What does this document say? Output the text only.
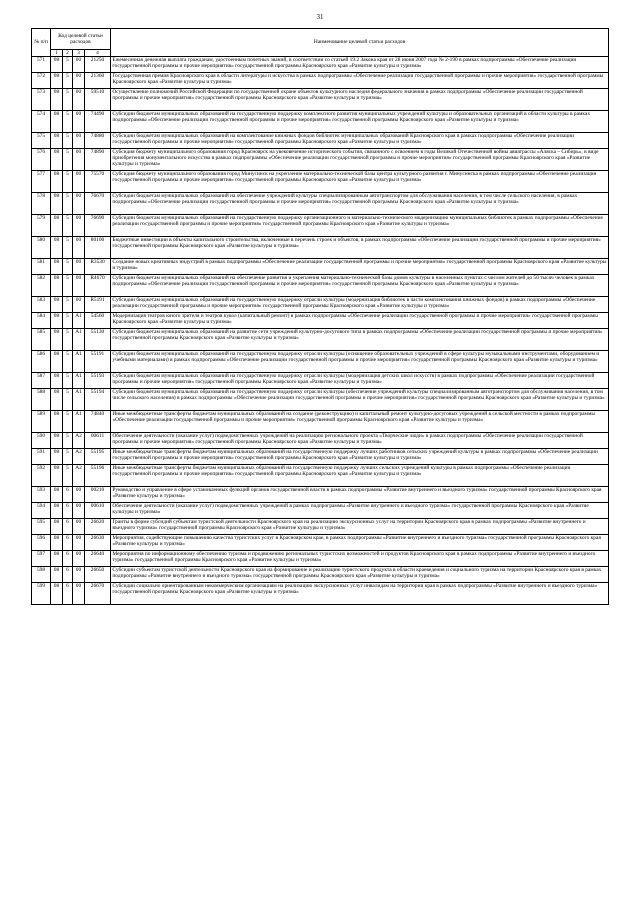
31
№ п/п	Код целевой статьи расходов				Наименование целевой статьи расходов
	1	2	3	4	
571	08	5	00	21250	Ежемесячная денежная выплата гражданам, удостоенным почетных званий, в соответствии со статьей 19.2 Закона края от 28 июня 2007 года № 2-190 в рамках подпрограммы «Обеспечение реализации государственной программы и прочие мероприятия» государственной программы Красноярского края «Развитие культуры и туризма»
572	08	5	00	21360	Государственная премия Красноярского края в области литературы и искусства в рамках подпрограммы «Обеспечение реализации государственной программы и прочие мероприятия» государственной программы Красноярского края «Развитие культуры и туризма»
573	08	5	00	59510	Осуществление полномочий Российской Федерации по государственной охране объектов культурного наследия федерального значения в рамках подпрограммы «Обеспечение реализации государственной программы и прочие мероприятия» государственной программы Красноярского края «Развитие культуры и туризма»
574	08	5	00	74490	Субсидии бюджетам муниципальных образований на государственную поддержку комплексного развития муниципальных учреждений культуры и образовательных организаций в области культуры в рамках подпрограммы «Обеспечение реализации государственной программы и прочие мероприятия» государственной программы Красноярского края «Развитие культуры и туризма»
575	08	5	00	74880	Субсидии бюджетам муниципальных образований на комплектование книжных фондов библиотек муниципальных образований Красноярского края в рамках подпрограммы «Обеспечение реализации государственной программы и прочие мероприятия» государственной программы Красноярского края «Развитие культуры и туризма»
576	08	5	00	74890	Субсидия бюджету муниципального образования город Красноярск на увековечение исторического события, связанного с освоением в годы Великой Отечественной войны авиатрассы «Аляска – Сибирь», в виде приобретения монументального искусства в рамках подпрограммы «Обеспечение реализации государственной программы и прочие мероприятия» государственной программы Красноярского края «Развитие культуры и туризма»
577	08	5	00	75570	Субсидия бюджету муниципального образования город Минусинск на укрепление материально-технической базы центра культурного развития г. Минусинска в рамках подпрограммы «Обеспечение реализации государственной программы и прочие мероприятия» государственной программы Красноярского края «Развитие культуры и туризма»
578	08	5	00	76670	Субсидии бюджетам муниципальных образований на обеспечение учреждений культуры специализированным автотранспортом для обслуживания населения, в том числе сельского населения, в рамках подпрограммы «Обеспечение реализации государственной программы и прочие мероприятия» государственной программы Красноярского края «Развитие культуры и туризма»
579	08	5	00	76690	Субсидии бюджетам муниципальных образований на государственную поддержку организационного и материально-технического модернизацию муниципальных библиотек в рамках подпрограммы «Обеспечение реализации государственной программы и прочие мероприятия» государственной программы Красноярского края «Развитие культуры и туризма»
580	08	5	00	80100	Бюджетные инвестиции в объекты капитального строительства, включенные в перечень строек и объектов, в рамках подпрограммы «Обеспечение реализации государственной программы и прочие мероприятия» государственной программы Красноярского края «Развитие культуры и туризма»
581	08	5	00	R3530	Создание новых креативных индустрий в рамках подпрограммы «Обеспечение реализации государственной программы и прочие мероприятия» государственной программы Красноярского края «Развитие культуры и туризма»
582	08	5	00	R4670	Субсидии бюджетам муниципальных образований на обеспечение развития и укрепления материально-технической базы домов культуры в населенных пунктах с числом жителей до 50 тысяч человек в рамках подпрограммы «Обеспечение реализации государственной программы и прочие мероприятия» государственной программы Красноярского края «Развитие культуры и туризма»
583	08	5	00	R5191	Субсидии бюджетам муниципальных образований на государственную поддержку отрасли культуры (модернизация библиотек в части комплектования книжных фондов) в рамках подпрограммы «Обеспечение реализации государственной программы и прочие мероприятия» государственной программы Красноярского края «Развитие культуры и туризма»
584	08	5	A1	54560	Модернизация театров юного зрителя и театров кукол (капитальный ремонт) в рамках подпрограммы «Обеспечение реализации государственной программы и прочие мероприятия» государственной программы Красноярского края «Развитие культуры и туризма»
585	08	5	A1	55130	Субсидии бюджетам муниципальных образований на развитие сети учреждений культурно-досугового типа в рамках подпрограммы «Обеспечение реализации государственной программы и прочие мероприятия» государственной программы Красноярского края «Развитие культуры и туризма»
586	08	5	A1	55191	Субсидии бюджетам муниципальных образований на государственную поддержку отрасли культуры (оснащение образовательных учреждений в сфере культуры музыкальными инструментами, оборудованием и учебными материалами) в рамках подпрограммы «Обеспечение реализации государственной программы и прочие мероприятия» государственной программы Красноярского края «Развитие культуры и туризма»
587	08	5	A1	55193	Субсидии бюджетам муниципальных образований на государственную поддержку отрасли культуры (модернизация детских школ искусств) в рамках подпрограммы «Обеспечение реализации государственной программы и прочие мероприятия» государственной программы Красноярского края «Развитие культуры и туризма»
588	08	5	A1	55194	Субсидии бюджетам муниципальных образований на государственную поддержку отрасли культуры (обеспечение учреждений культуры специализированным автотранспортом для обслуживания населения, в том числе сельского населения) в рамках подпрограммы «Обеспечение реализации государственной программы и прочие мероприятия» государственной программы Красноярского края «Развитие культуры и туризма»
589	08	5	A1	74840	Иные межбюджетные трансферты бюджетам муниципальных образований на создание (реконструкцию) и капитальный ремонт культурно-досуговых учреждений в сельской местности в рамках подпрограммы «Обеспечение реализации государственной программы и прочие мероприятия» государственной программы Красноярского края «Развитие культуры и туризма»
590	08	5	A2	00611	Обеспечение деятельности (оказание услуг) подведомственных учреждений на реализацию регионального проекта «Творческие люди» в рамках подпрограммы «Обеспечение реализации государственной программы и прочие мероприятия» государственной программы Красноярского края «Развитие культуры и туризма»
591	08	5	A2	55195	Иные межбюджетные трансферты бюджетам муниципальных образований на государственную поддержку лучших работников сельских учреждений культуры в рамках подпрограммы «Обеспечение реализации государственной программы и прочие мероприятия» государственной программы Красноярского края «Развитие культуры и туризма»
592	08	5	A2	55196	Иные межбюджетные трансферты бюджетам муниципальных образований на государственную поддержку лучших сельских учреждений культуры в рамках подпрограммы «Обеспечение реализации государственной программы и прочие мероприятия» государственной программы Красноярского края «Развитие культуры и туризма»
593	08	6	00	00210	Руководство и управление в сфере установленных функций органов государственной власти в рамках подпрограммы «Развитие внутреннего и въездного туризма» государственной программы Красноярского края «Развитие культуры и туризма»
594	08	6	00	00610	Обеспечение деятельности (оказание услуг) подведомственных учреждений в рамках подпрограммы «Развитие внутреннего и въездного туризма» государственной программы Красноярского края «Развитие культуры и туризма»
595	08	6	00	26620	Гранты в форме субсидий субъектам туристской деятельности Красноярского края на реализацию экскурсионных услуг на территории Красноярского края в рамках подпрограммы «Развитие внутреннего и въездного туризма» государственной программы Красноярского края «Развитие культуры и туризма»
596	08	6	00	26630	Мероприятия, содействующие повышению качества туристских услуг в Красноярском крае, в рамках подпрограммы «Развитие внутреннего и въездного туризма» государственной программы Красноярского края «Развитие культуры и туризма»
597	08	6	00	26640	Мероприятия по информационному обеспечению туризма и продвижению региональных туристских возможностей и продуктов Красноярского края в рамках подпрограммы «Развитие внутреннего и въездного туризма» государственной программы Красноярского края «Развитие культуры и туризма»
598	08	6	00	26650	Субсидии субъектам туристской деятельности Красноярского края на формирование и реализацию туристского продукта в области краеведения и социального туризма на территории Красноярского края в рамках подпрограммы «Развитие внутреннего и въездного туризма» государственной программы Красноярского края «Развитие культуры и туризма»
599	08	6	00	26670	Субсидии социально ориентированным некоммерческим организациям на реализацию экскурсионных услуг инвалидам на территории края в рамках подпрограммы «Развитие внутреннего и въездного туризма» государственной программы Красноярского края «Развитие культуры и туризма»
